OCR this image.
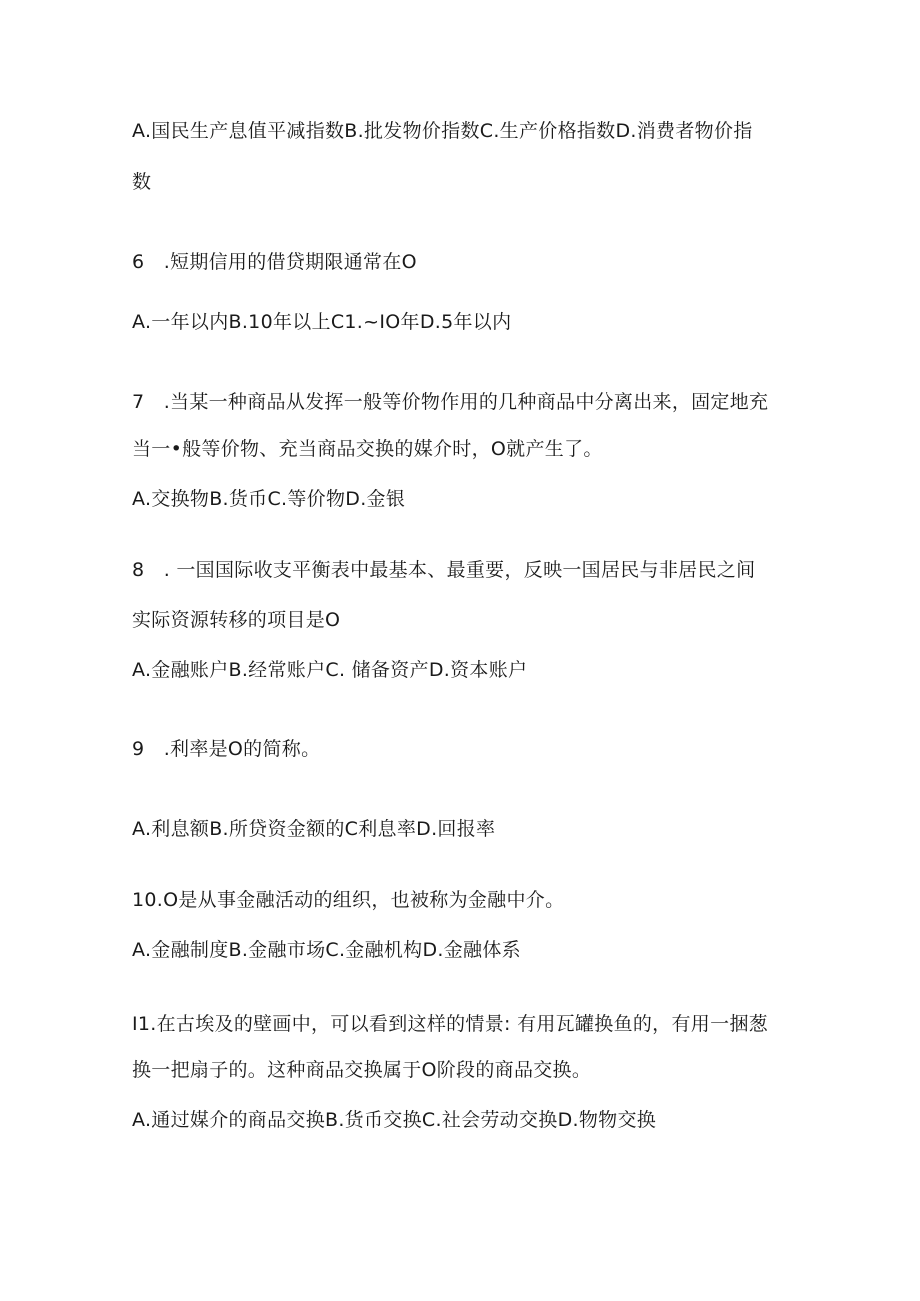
A.国民生产息值平减指数B.批发物价指数C.生产价格指数D.消费者物价指
数
6　.短期信用的借贷期限通常在O
A.一年以内B.10年以上C1.~IO年D.5年以内
7　.当某一种商品从发挥一般等价物作用的几种商品中分离出来，固定地充
当一•般等价物、充当商品交换的媒介时，O就产生了。
A.交换物B.货币C.等价物D.金银
8　. 一国国际收支平衡表中最基本、最重要，反映一国居民与非居民之间
实际资源转移的项目是O
A.金融账户B.经常账户C. 储备资产D.资本账户
9　.利率是O的简称。
A.利息额B.所贷资金额的C利息率D.回报率
10.O是从事金融活动的组织，也被称为金融中介。
A.金融制度B.金融市场C.金融机构D.金融体系
I1.在古埃及的壁画中，可以看到这样的情景: 有用瓦罐换鱼的，有用一捆葱
换一把扇子的。这种商品交换属于O阶段的商品交换。
A.通过媒介的商品交换B.货币交换C.社会劳动交换D.物物交换
